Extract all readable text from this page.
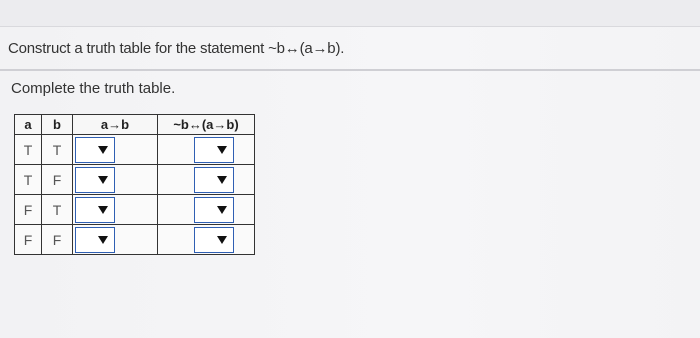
Construct a truth table for the statement ~b↔(a→b).
Complete the truth table.
a	b	a→b	~b↔(a→b)
T	T	

T	F	

F	T	

F	F	
